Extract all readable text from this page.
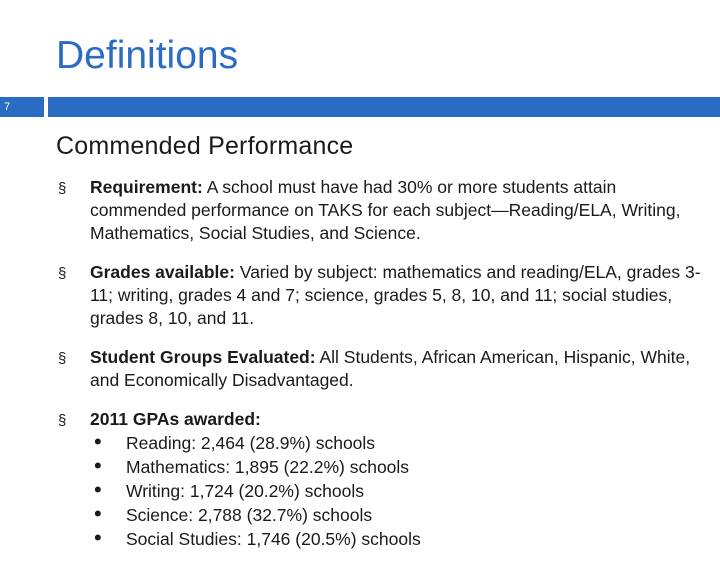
Definitions
7
Commended Performance
§ Requirement: A school must have had 30% or more students attain commended performance on TAKS for each subject—Reading/ELA, Writing, Mathematics, Social Studies, and Science.
§ Grades available: Varied by subject: mathematics and reading/ELA, grades 3-11; writing, grades 4 and 7; science, grades 5, 8, 10, and 11; social studies, grades 8, 10, and 11.
§ Student Groups Evaluated: All Students, African American, Hispanic, White, and Economically Disadvantaged.
§ 2011 GPAs awarded:
• Reading: 2,464 (28.9%) schools
• Mathematics: 1,895 (22.2%) schools
• Writing: 1,724 (20.2%) schools
• Science: 2,788 (32.7%) schools
• Social Studies: 1,746 (20.5%) schools
